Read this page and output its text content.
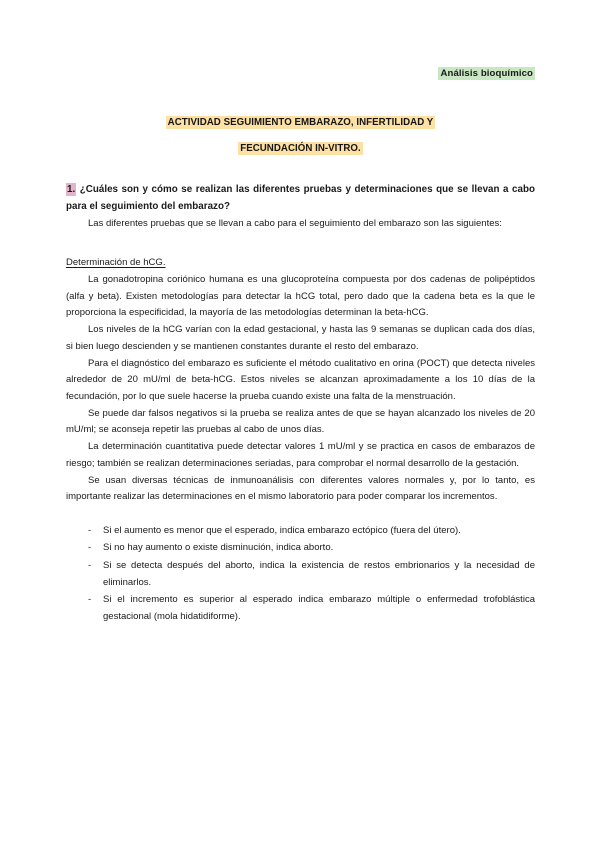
Análisis bioquímico
ACTIVIDAD SEGUIMIENTO EMBARAZO, INFERTILIDAD Y
FECUNDACIÓN IN-VITRO.
1. ¿Cuáles son y cómo se realizan las diferentes pruebas y determinaciones que se llevan a cabo para el seguimiento del embarazo?

Las diferentes pruebas que se llevan a cabo para el seguimiento del embarazo son las siguientes:

Determinación de hCG.

La gonadotropina coriónico humana es una glucoproteína compuesta por dos cadenas de polipéptidos (alfa y beta). Existen metodologías para detectar la hCG total, pero dado que la cadena beta es la que le proporciona la especificidad, la mayoría de las metodologías determinan la beta-hCG.

Los niveles de la hCG varían con la edad gestacional, y hasta las 9 semanas se duplican cada dos días, si bien luego descienden y se mantienen constantes durante el resto del embarazo.

Para el diagnóstico del embarazo es suficiente el método cualitativo en orina (POCT) que detecta niveles alrededor de 20 mU/ml de beta-hCG. Estos niveles se alcanzan aproximadamente a los 10 días de la fecundación, por lo que suele hacerse la prueba cuando existe una falta de la menstruación.

Se puede dar falsos negativos si la prueba se realiza antes de que se hayan alcanzado los niveles de 20 mU/ml; se aconseja repetir las pruebas al cabo de unos días.

La determinación cuantitativa puede detectar valores 1 mU/ml y se practica en casos de embarazos de riesgo; también se realizan determinaciones seriadas, para comprobar el normal desarrollo de la gestación.

Se usan diversas técnicas de inmunoanálisis con diferentes valores normales y, por lo tanto, es importante realizar las determinaciones en el mismo laboratorio para poder comparar los incrementos.

- Si el aumento es menor que el esperado, indica embarazo ectópico (fuera del útero).
- Si no hay aumento o existe disminución, indica aborto.
- Si se detecta después del aborto, indica la existencia de restos embrionarios y la necesidad de eliminarlos.
- Si el incremento es superior al esperado indica embarazo múltiple o enfermedad trofoblástica gestacional (mola hidatidiforme).
